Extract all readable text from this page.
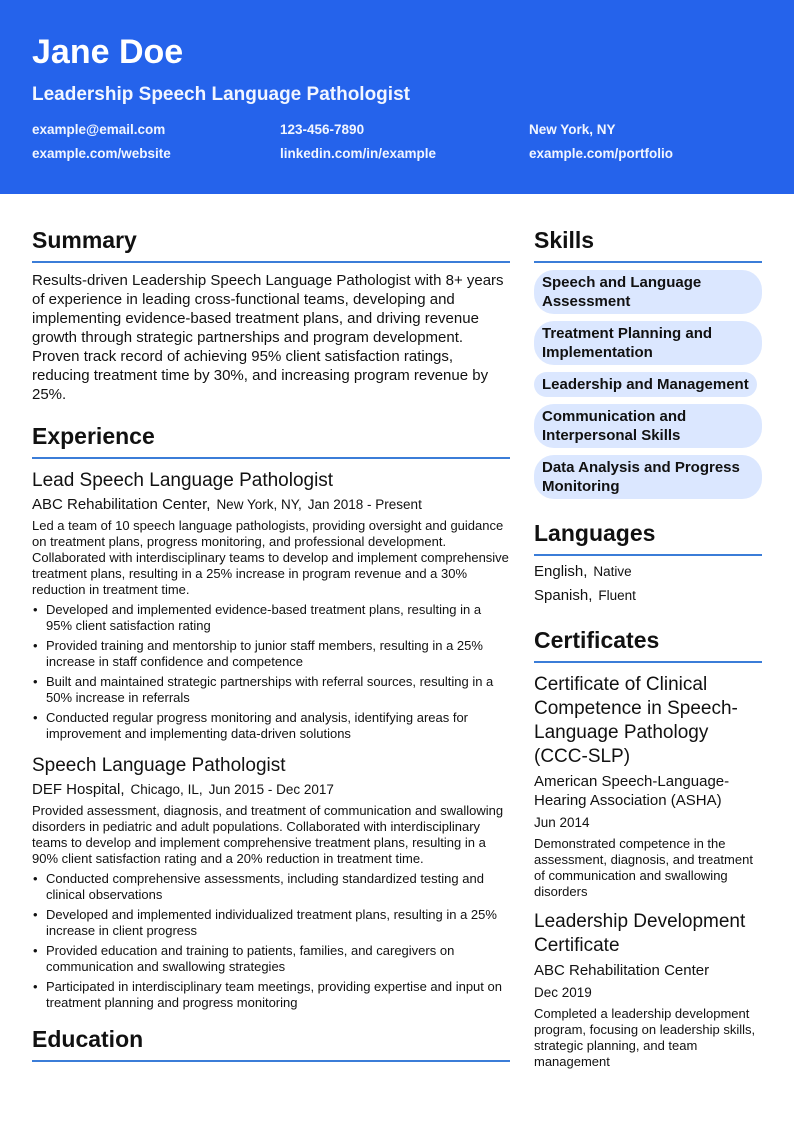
Jane Doe
Leadership Speech Language Pathologist
example@email.com	123-456-7890	New York, NY
example.com/website	linkedin.com/in/example	example.com/portfolio
Summary
Results-driven Leadership Speech Language Pathologist with 8+ years of experience in leading cross-functional teams, developing and implementing evidence-based treatment plans, and driving revenue growth through strategic partnerships and program development. Proven track record of achieving 95% client satisfaction ratings, reducing treatment time by 30%, and increasing program revenue by 25%.
Experience
Lead Speech Language Pathologist
ABC Rehabilitation Center, New York, NY, Jan 2018 - Present
Led a team of 10 speech language pathologists, providing oversight and guidance on treatment plans, progress monitoring, and professional development. Collaborated with interdisciplinary teams to develop and implement comprehensive treatment plans, resulting in a 25% increase in program revenue and a 30% reduction in treatment time.
• Developed and implemented evidence-based treatment plans, resulting in a 95% client satisfaction rating
• Provided training and mentorship to junior staff members, resulting in a 25% increase in staff confidence and competence
• Built and maintained strategic partnerships with referral sources, resulting in a 50% increase in referrals
• Conducted regular progress monitoring and analysis, identifying areas for improvement and implementing data-driven solutions
Speech Language Pathologist
DEF Hospital, Chicago, IL, Jun 2015 - Dec 2017
Provided assessment, diagnosis, and treatment of communication and swallowing disorders in pediatric and adult populations. Collaborated with interdisciplinary teams to develop and implement comprehensive treatment plans, resulting in a 90% client satisfaction rating and a 20% reduction in treatment time.
• Conducted comprehensive assessments, including standardized testing and clinical observations
• Developed and implemented individualized treatment plans, resulting in a 25% increase in client progress
• Provided education and training to patients, families, and caregivers on communication and swallowing strategies
• Participated in interdisciplinary team meetings, providing expertise and input on treatment planning and progress monitoring
Education
Skills
Speech and Language Assessment
Treatment Planning and Implementation
Leadership and Management
Communication and Interpersonal Skills
Data Analysis and Progress Monitoring
Languages
English, Native
Spanish, Fluent
Certificates
Certificate of Clinical Competence in Speech-Language Pathology (CCC-SLP)
American Speech-Language-Hearing Association (ASHA)
Jun 2014
Demonstrated competence in the assessment, diagnosis, and treatment of communication and swallowing disorders
Leadership Development Certificate
ABC Rehabilitation Center
Dec 2019
Completed a leadership development program, focusing on leadership skills, strategic planning, and team management
